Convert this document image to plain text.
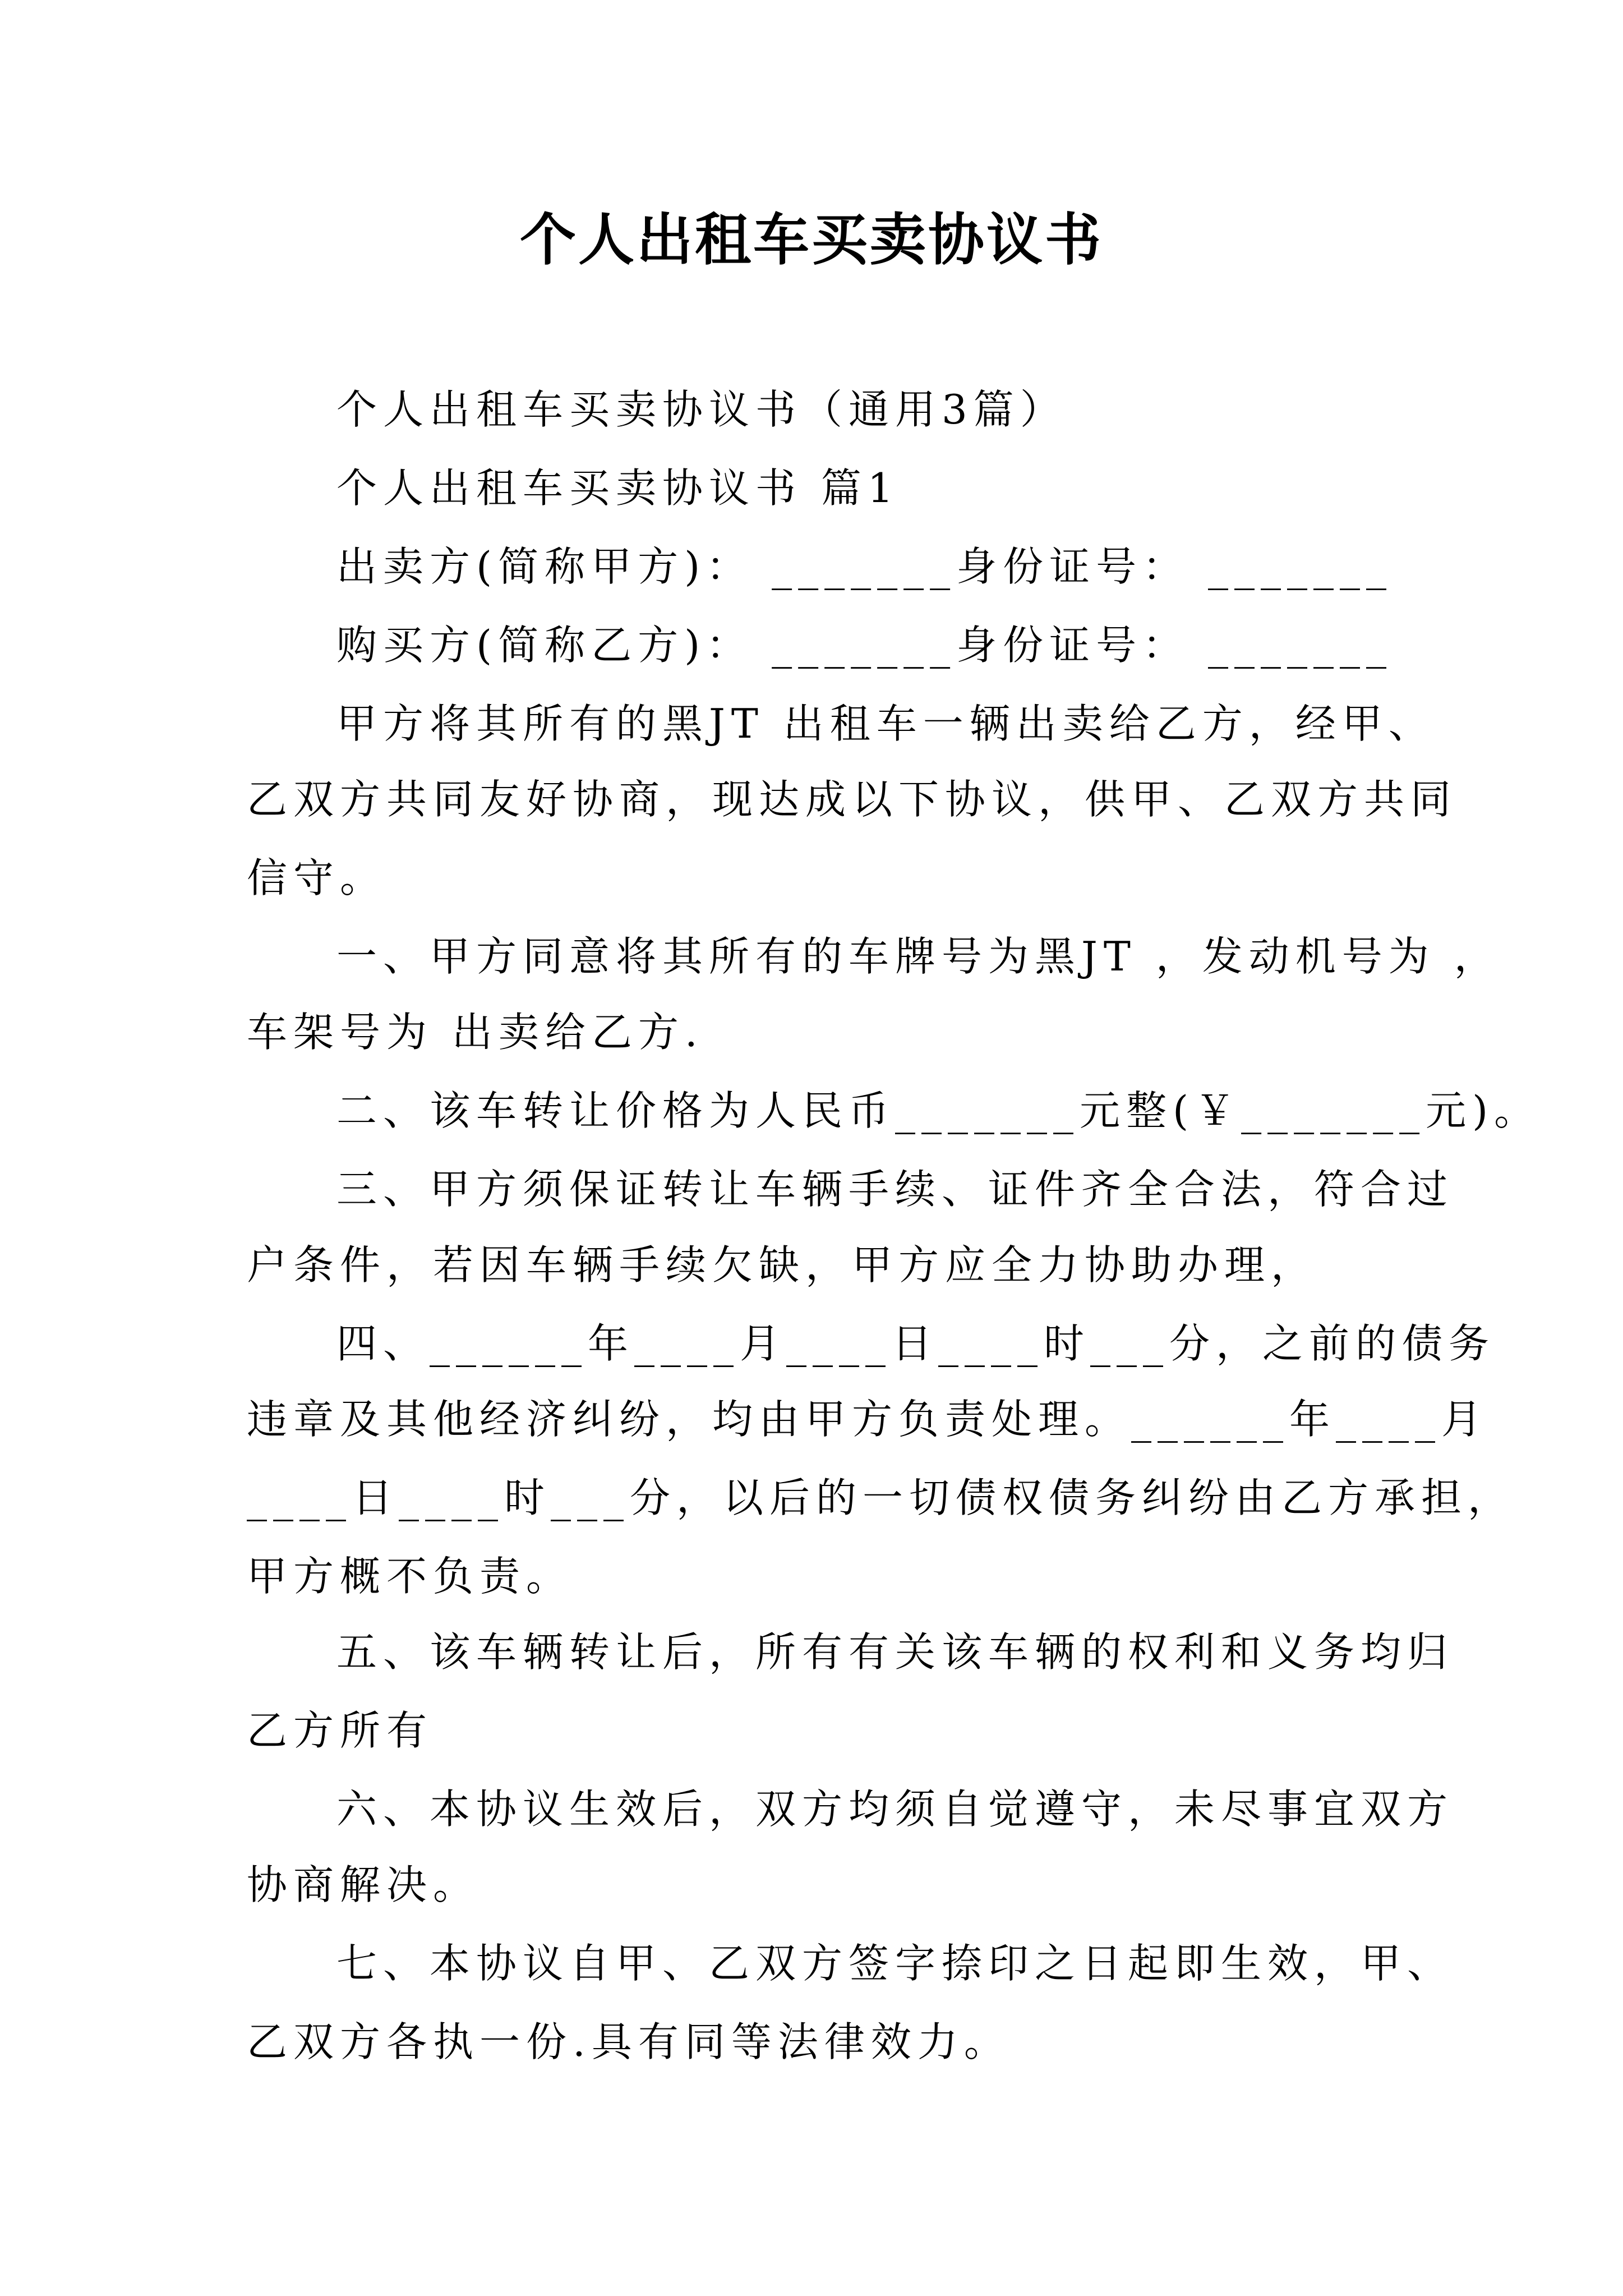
个人出租车买卖协议书
个人出租车买卖协议书（通用3篇）
个人出租车买卖协议书 篇1
出卖方(简称甲方)： _______身份证号： _______
购买方(简称乙方)： _______身份证号： _______
甲方将其所有的黑JT 出租车一辆出卖给乙方，经甲、
乙双方共同友好协商，现达成以下协议，供甲、乙双方共同
信守。
一、甲方同意将其所有的车牌号为黑JT ，发动机号为 ，
车架号为 出卖给乙方.
二、该车转让价格为人民币_______元整(￥_______元)。
三、甲方须保证转让车辆手续、证件齐全合法，符合过
户条件，若因车辆手续欠缺，甲方应全力协助办理，
四、______年____月____日____时___分，之前的债务
违章及其他经济纠纷，均由甲方负责处理。______年____月
____日____时___分，以后的一切债权债务纠纷由乙方承担，
甲方概不负责。
五、该车辆转让后，所有有关该车辆的权利和义务均归
乙方所有
六、本协议生效后，双方均须自觉遵守，未尽事宜双方
协商解决。
七、本协议自甲、乙双方签字捺印之日起即生效，甲、
乙双方各执一份.具有同等法律效力。
